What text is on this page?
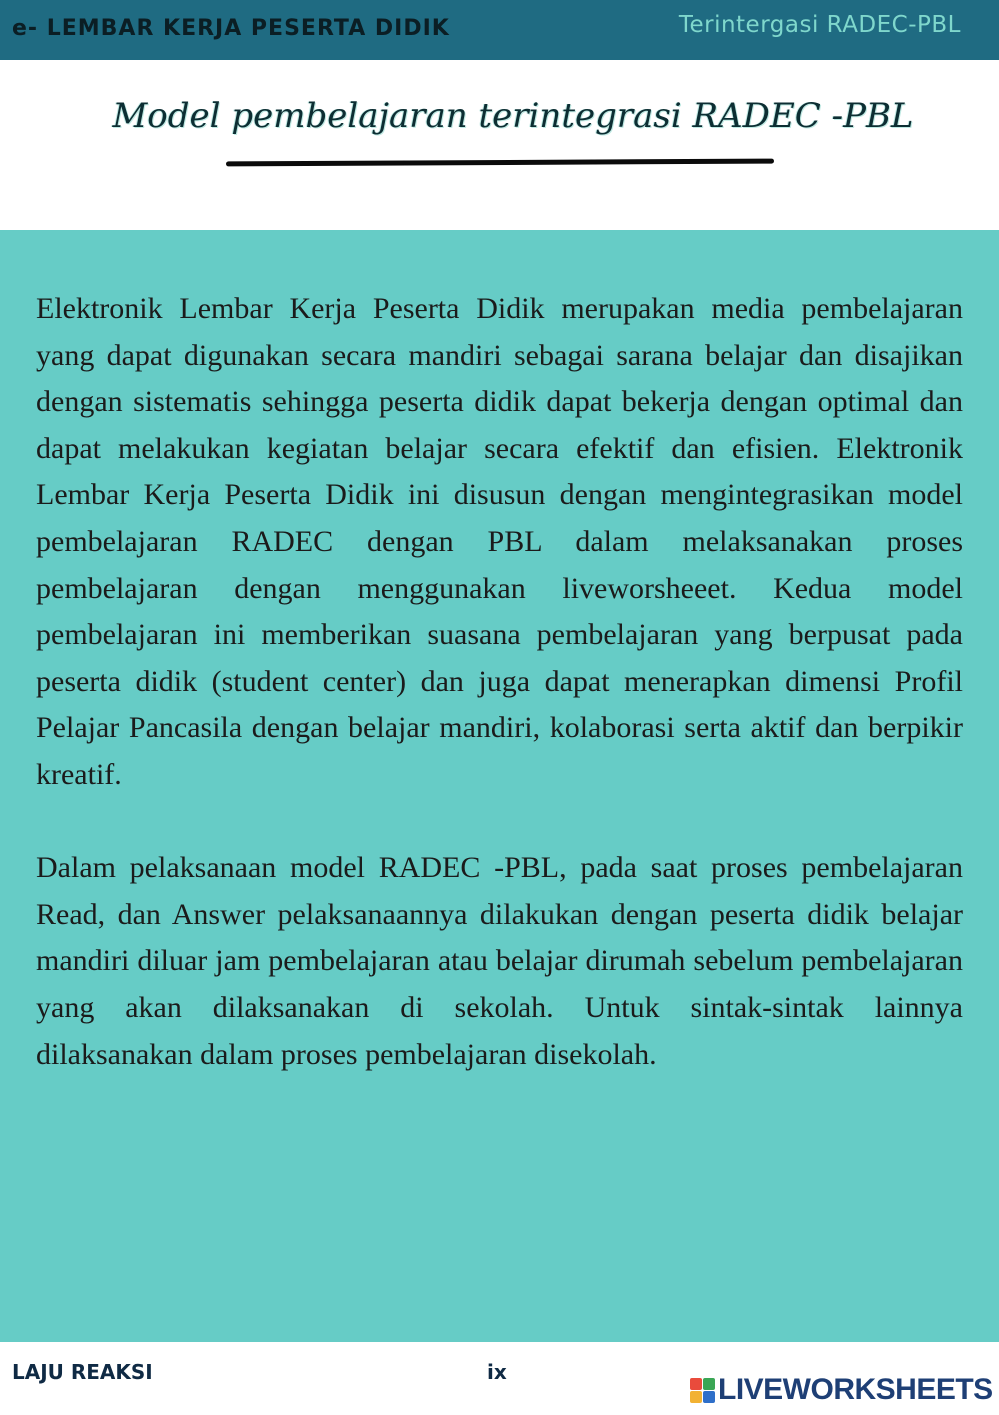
e- LEMBAR KERJA PESERTA DIDIK	Terintergasi RADEC-PBL
Model pembelajaran terintegrasi RADEC -PBL

Elektronik Lembar Kerja Peserta Didik merupakan media pembelajaran yang dapat digunakan secara mandiri sebagai sarana belajar dan disajikan dengan sistematis sehingga peserta didik dapat bekerja dengan optimal dan dapat melakukan kegiatan belajar secara efektif dan efisien. Elektronik Lembar Kerja Peserta Didik ini disusun dengan mengintegrasikan model pembelajaran RADEC dengan PBL dalam melaksanakan proses pembelajaran dengan menggunakan liveworsheeet. Kedua model pembelajaran ini memberikan suasana pembelajaran yang berpusat pada peserta didik (student center) dan juga dapat menerapkan dimensi Profil Pelajar Pancasila dengan belajar mandiri, kolaborasi serta aktif dan berpikir kreatif.

Dalam pelaksanaan model RADEC -PBL, pada saat proses pembelajaran Read, dan Answer pelaksanaannya dilakukan dengan peserta didik belajar mandiri diluar jam pembelajaran atau belajar dirumah sebelum pembelajaran yang akan dilaksanakan di sekolah. Untuk sintak-sintak lainnya dilaksanakan dalam proses pembelajaran disekolah.

LAJU REAKSI	ix
LIVEWORKSHEETS
